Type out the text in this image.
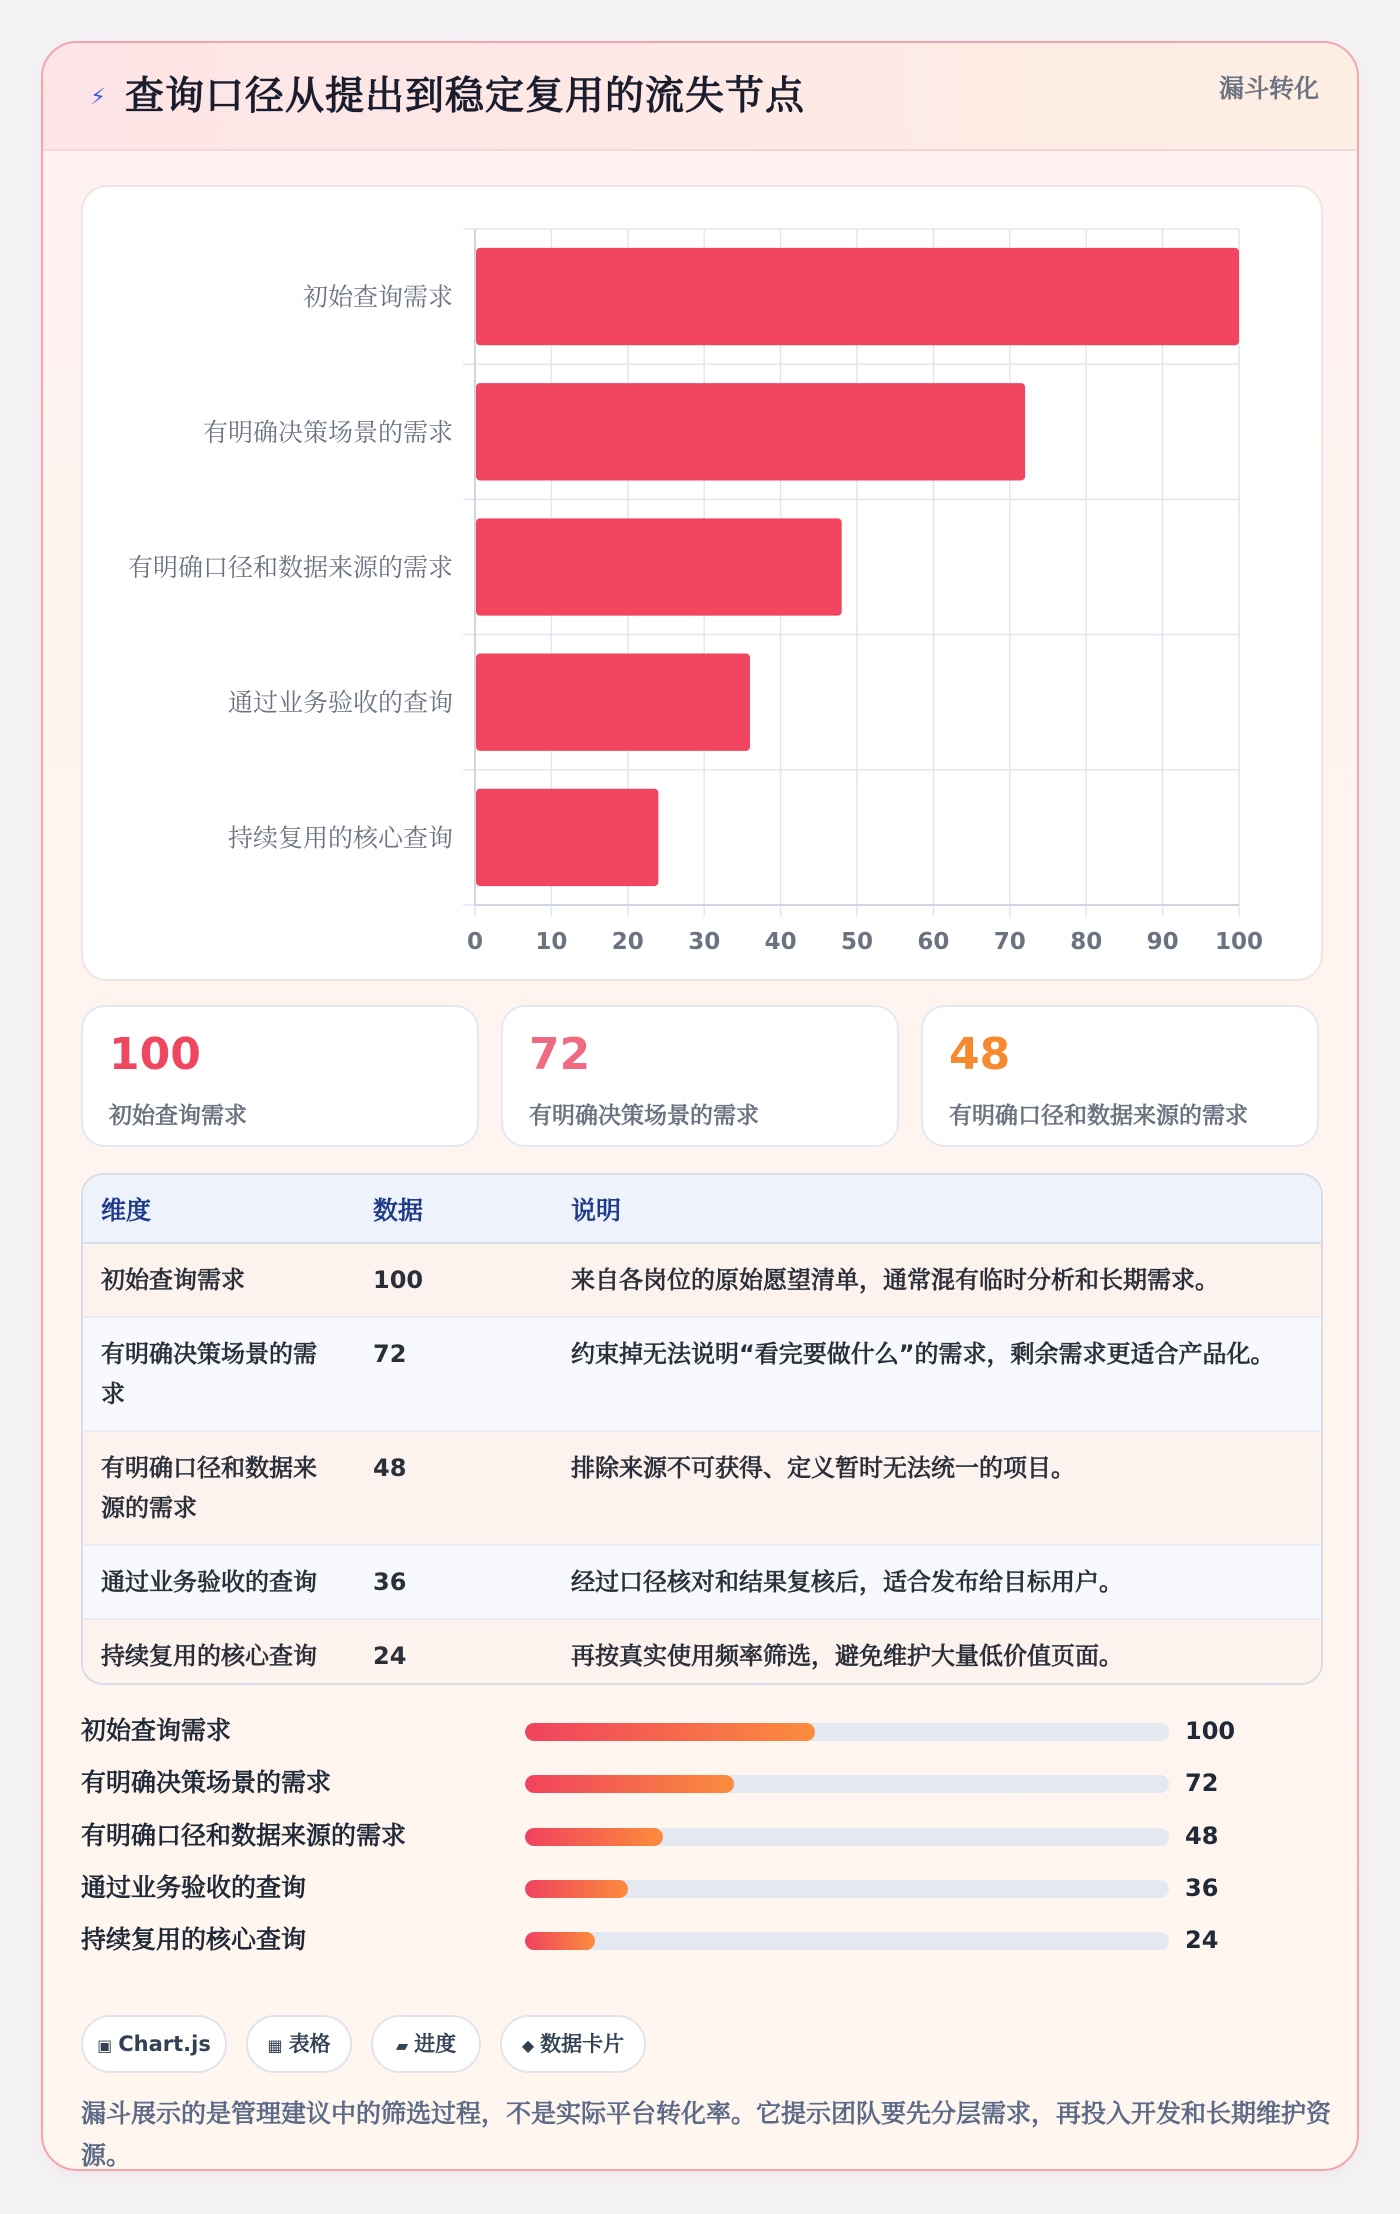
⚡ 查询口径从提出到稳定复用的流失节点	漏斗转化
0 10 20 30 40 50 60 70 80 90 100
初始查询需求
有明确决策场景的需求
有明确口径和数据来源的需求
通过业务验收的查询
持续复用的核心查询
100
初始查询需求
72
有明确决策场景的需求
48
有明确口径和数据来源的需求
维度	数据	说明
初始查询需求	100	来自各岗位的原始愿望清单，通常混有临时分析和长期需求。
有明确决策场景的需求	72	约束掉无法说明“看完要做什么”的需求，剩余需求更适合产品化。
有明确口径和数据来源的需求	48	排除来源不可获得、定义暂时无法统一的项目。
通过业务验收的查询	36	经过口径核对和结果复核后，适合发布给目标用户。
持续复用的核心查询	24	再按真实使用频率筛选，避免维护大量低价值页面。
初始查询需求	100
有明确决策场景的需求	72
有明确口径和数据来源的需求	48
通过业务验收的查询	36
持续复用的核心查询	24
▣ Chart.js	▦ 表格	▰ 进度	◆ 数据卡片
漏斗展示的是管理建议中的筛选过程，不是实际平台转化率。它提示团队要先分层需求，再投入开发和长期维护资源。
